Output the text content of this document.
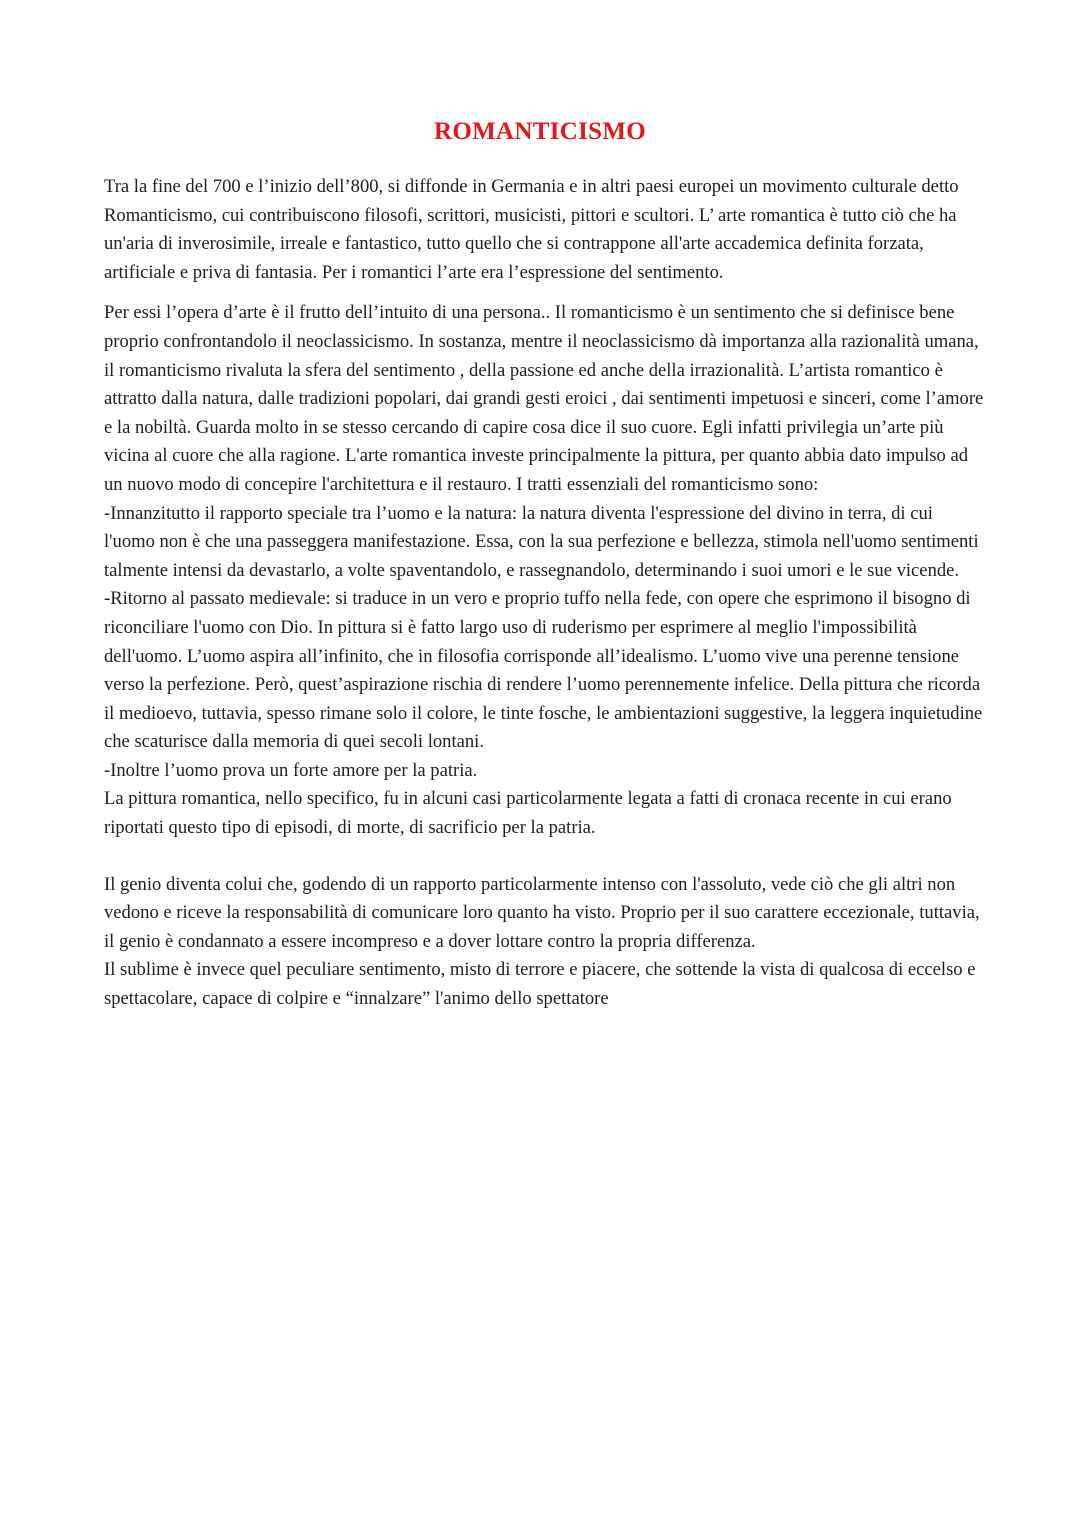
ROMANTICISMO

Tra la fine del 700 e l’inizio dell’800, si diffonde in Germania e in altri paesi europei un movimento culturale detto Romanticismo, cui contribuiscono filosofi, scrittori, musicisti, pittori e scultori. L’ arte romantica è tutto ciò che ha un'aria di inverosimile, irreale e fantastico, tutto quello che si contrappone all'arte accademica definita forzata, artificiale e priva di fantasia. Per i romantici l’arte era l’espressione del sentimento.

Per essi l’opera d’arte è il frutto dell’intuito di una persona.. Il romanticismo è un sentimento che si definisce bene proprio confrontandolo il neoclassicismo. In sostanza, mentre il neoclassicismo dà importanza alla razionalità umana, il romanticismo rivaluta la sfera del sentimento , della passione ed anche della irrazionalità. L’artista romantico è attratto dalla natura, dalle tradizioni popolari, dai grandi gesti eroici , dai sentimenti impetuosi e sinceri, come l’amore e la nobiltà. Guarda molto in se stesso cercando di capire cosa dice il suo cuore. Egli infatti privilegia un’arte più vicina al cuore che alla ragione. L'arte romantica investe principalmente la pittura, per quanto abbia dato impulso ad un nuovo modo di concepire l'architettura e il restauro. I tratti essenziali del romanticismo sono:

-Innanzitutto il rapporto speciale tra l’uomo e la natura: la natura diventa l'espressione del divino in terra, di cui l'uomo non è che una passeggera manifestazione. Essa, con la sua perfezione e bellezza, stimola nell'uomo sentimenti talmente intensi da devastarlo, a volte spaventandolo, e rassegnandolo, determinando i suoi umori e le sue vicende.

-Ritorno al passato medievale: si traduce in un vero e proprio tuffo nella fede, con opere che esprimono il bisogno di riconciliare l'uomo con Dio. In pittura si è fatto largo uso di ruderismo per esprimere al meglio l'impossibilità dell'uomo. L’uomo aspira all’infinito, che in filosofia corrisponde all’idealismo. L’uomo vive una perenne tensione verso la perfezione. Però, quest’aspirazione rischia di rendere l’uomo perennemente infelice. Della pittura che ricorda il medioevo, tuttavia, spesso rimane solo il colore, le tinte fosche, le ambientazioni suggestive, la leggera inquietudine che scaturisce dalla memoria di quei secoli lontani.

-Inoltre l’uomo prova un forte amore per la patria.

La pittura romantica, nello specifico, fu in alcuni casi particolarmente legata a fatti di cronaca recente in cui erano riportati questo tipo di episodi, di morte, di sacrificio per la patria.

Il genio diventa colui che, godendo di un rapporto particolarmente intenso con l'assoluto, vede ciò che gli altri non vedono e riceve la responsabilità di comunicare loro quanto ha visto. Proprio per il suo carattere eccezionale, tuttavia, il genio è condannato a essere incompreso e a dover lottare contro la propria differenza.

Il sublime è invece quel peculiare sentimento, misto di terrore e piacere, che sottende la vista di qualcosa di eccelso e spettacolare, capace di colpire e “innalzare” l'animo dello spettatore
